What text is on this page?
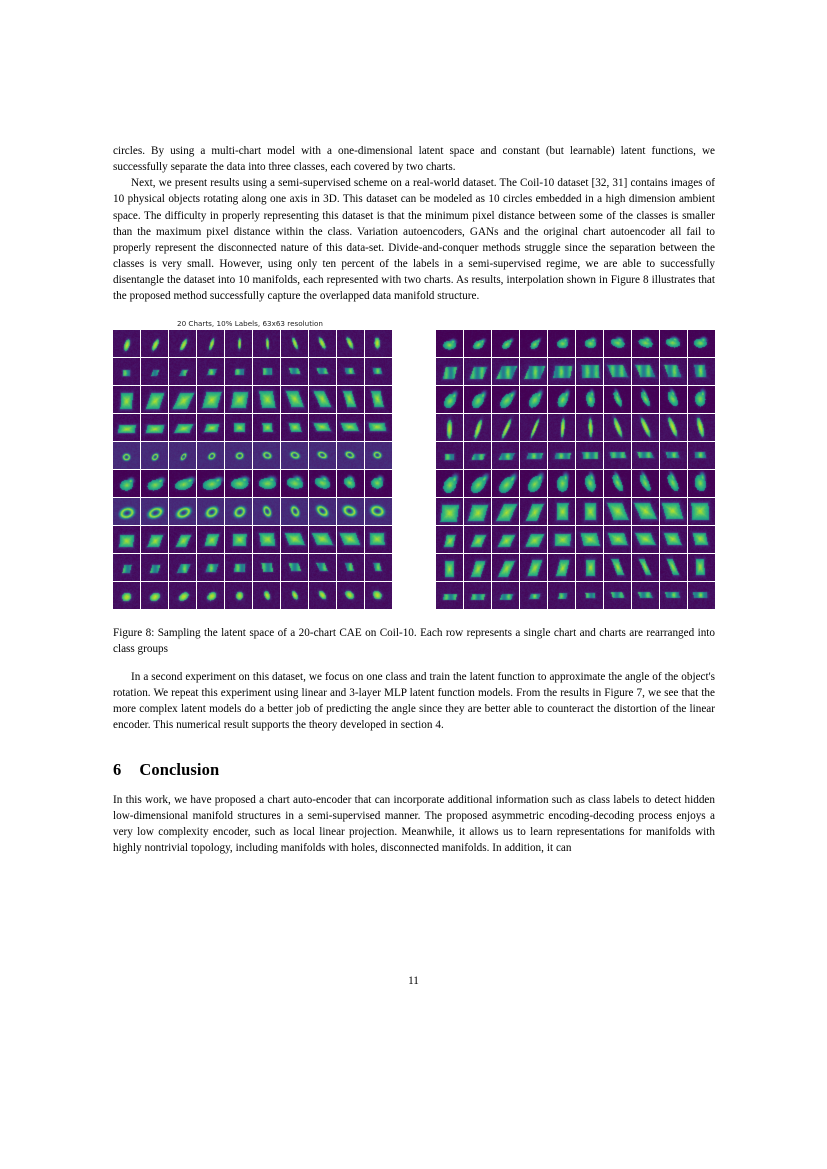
circles. By using a multi-chart model with a one-dimensional latent space and constant (but learnable) latent functions, we successfully separate the data into three classes, each covered by two charts.

Next, we present results using a semi-supervised scheme on a real-world dataset. The Coil-10 dataset [32, 31] contains images of 10 physical objects rotating along one axis in 3D. This dataset can be modeled as 10 circles embedded in a high dimension ambient space. The difficulty in properly representing this dataset is that the minimum pixel distance between some of the classes is smaller than the maximum pixel distance within the class. Variation autoencoders, GANs and the original chart autoencoder all fail to properly represent the disconnected nature of this data-set. Divide-and-conquer methods struggle since the separation between the classes is very small. However, using only ten percent of the labels in a semi-supervised regime, we are able to successfully disentangle the dataset into 10 manifolds, each represented with two charts. As results, interpolation shown in Figure 8 illustrates that the proposed method successfully capture the overlapped data manifold structure.

20 Charts, 10% Labels, 63x63 resolution

Figure 8: Sampling the latent space of a 20-chart CAE on Coil-10. Each row represents a single chart and charts are rearranged into class groups

In a second experiment on this dataset, we focus on one class and train the latent function to approximate the angle of the object's rotation. We repeat this experiment using linear and 3-layer MLP latent function models. From the results in Figure 7, we see that the more complex latent models do a better job of predicting the angle since they are better able to counteract the distortion of the linear encoder. This numerical result supports the theory developed in section 4.

6 Conclusion

In this work, we have proposed a chart auto-encoder that can incorporate additional information such as class labels to detect hidden low-dimensional manifold structures in a semi-supervised manner. The proposed asymmetric encoding-decoding process enjoys a very low complexity encoder, such as local linear projection. Meanwhile, it allows us to learn representations for manifolds with highly nontrivial topology, including manifolds with holes, disconnected manifolds. In addition, it can

11
